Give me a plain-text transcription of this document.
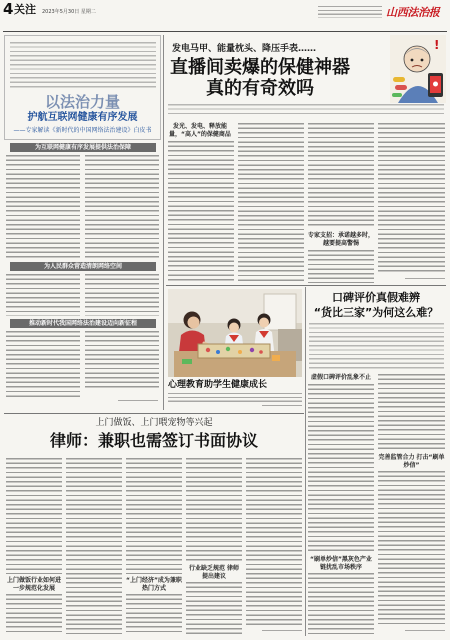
4 关注 2023年5月30日 星期二	山西法治报
以法治力量
护航互联网健康有序发展
——专家解读《新时代的中国网络法治建设》白皮书
为互联网健康有序发展提供法治保障
为人民群众营造清朗网络空间
推动新时代我国网络法治建设迈向新征程
发电马甲、能量枕头、降压手表……
直播间卖爆的保健神器
真的有奇效吗
!
发光、发电、释放能量，“高人”的保健商品
专家支招：承诺越多时，越要提高警惕
心理教育助学生健康成长
口碑评价真假难辨
“货比三家”为何这么难？
虚假口碑评价乱象不止
“刷单炒信”黑灰色产业链扰乱市场秩序
完善监管合力 打击“刷单炒信”
上门做饭、上门喂宠物等兴起
律师：兼职也需签订书面协议
上门做饭行业如何进一步规范化发展
“上门经济”成为兼职热门方式
行业缺乏规范 律师提出建议
